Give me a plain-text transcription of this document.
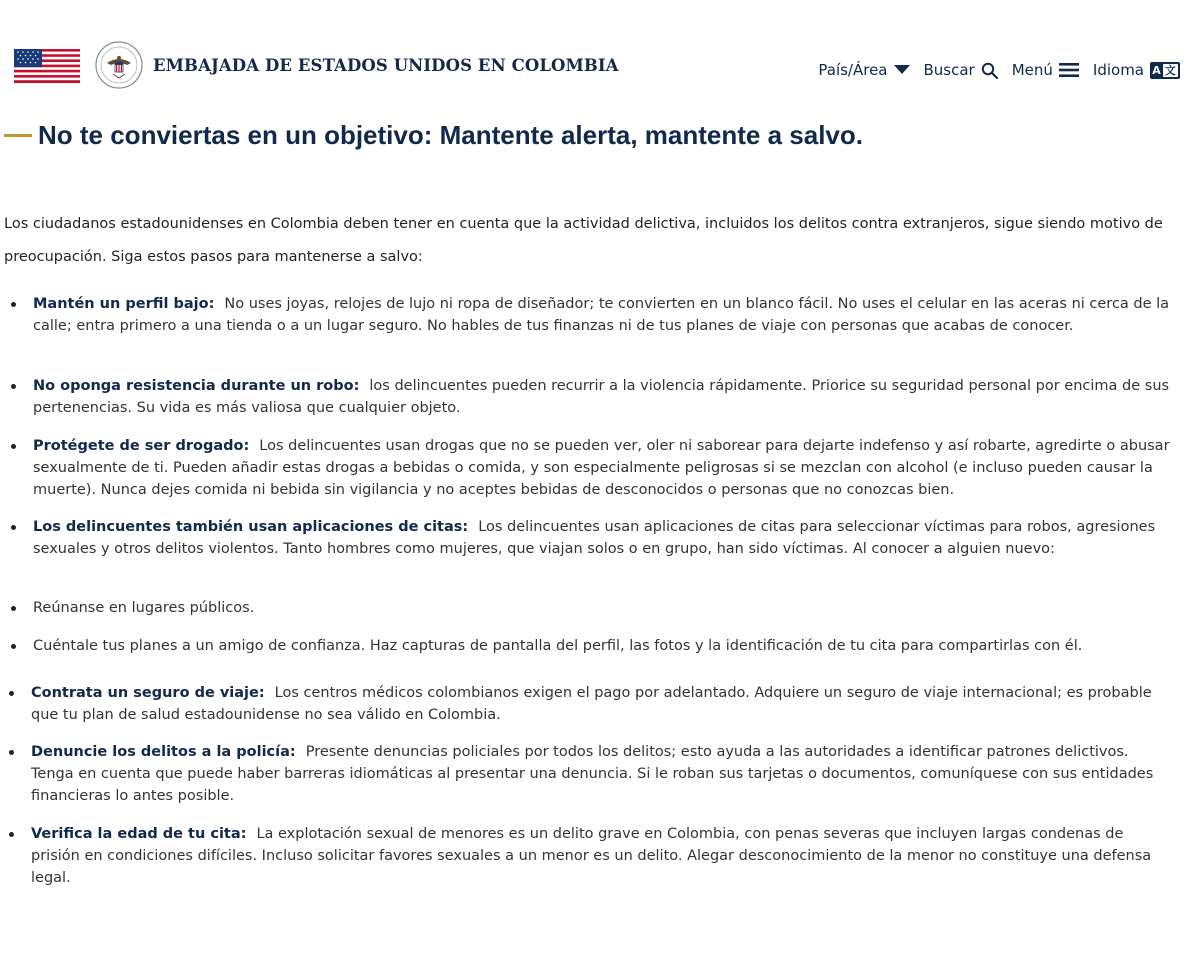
EMBAJADA DE ESTADOS UNIDOS EN COLOMBIA	País/Área Buscar Menú	Idioma A 文
No te conviertas en un objetivo: Mantente alerta, mantente a salvo.

Los ciudadanos estadounidenses en Colombia deben tener en cuenta que la actividad delictiva, incluidos los delitos contra extranjeros, sigue siendo motivo de preocupación. Siga estos pasos para mantenerse a salvo:

Mantén un perfil bajo: No uses joyas, relojes de lujo ni ropa de diseñador; te convierten en un blanco fácil. No uses el celular en las aceras ni cerca de la calle; entra primero a una tienda o a un lugar seguro. No hables de tus finanzas ni de tus planes de viaje con personas que acabas de conocer.
No oponga resistencia durante un robo: los delincuentes pueden recurrir a la violencia rápidamente. Priorice su seguridad personal por encima de sus pertenencias. Su vida es más valiosa que cualquier objeto.
Protégete de ser drogado: Los delincuentes usan drogas que no se pueden ver, oler ni saborear para dejarte indefenso y así robarte, agredirte o abusar sexualmente de ti. Pueden añadir estas drogas a bebidas o comida, y son especialmente peligrosas si se mezclan con alcohol (e incluso pueden causar la muerte). Nunca dejes comida ni bebida sin vigilancia y no aceptes bebidas de desconocidos o personas que no conozcas bien.
Los delincuentes también usan aplicaciones de citas: Los delincuentes usan aplicaciones de citas para seleccionar víctimas para robos, agresiones sexuales y otros delitos violentos. Tanto hombres como mujeres, que viajan solos o en grupo, han sido víctimas. Al conocer a alguien nuevo:
Reúnanse en lugares públicos.
Cuéntale tus planes a un amigo de confianza. Haz capturas de pantalla del perfil, las fotos y la identificación de tu cita para compartirlas con él.
Contrata un seguro de viaje: Los centros médicos colombianos exigen el pago por adelantado. Adquiere un seguro de viaje internacional; es probable que tu plan de salud estadounidense no sea válido en Colombia.
Denuncie los delitos a la policía: Presente denuncias policiales por todos los delitos; esto ayuda a las autoridades a identificar patrones delictivos. Tenga en cuenta que puede haber barreras idiomáticas al presentar una denuncia. Si le roban sus tarjetas o documentos, comuníquese con sus entidades financieras lo antes posible.
Verifica la edad de tu cita: La explotación sexual de menores es un delito grave en Colombia, con penas severas que incluyen largas condenas de prisión en condiciones difíciles. Incluso solicitar favores sexuales a un menor es un delito. Alegar desconocimiento de la menor no constituye una defensa legal.
